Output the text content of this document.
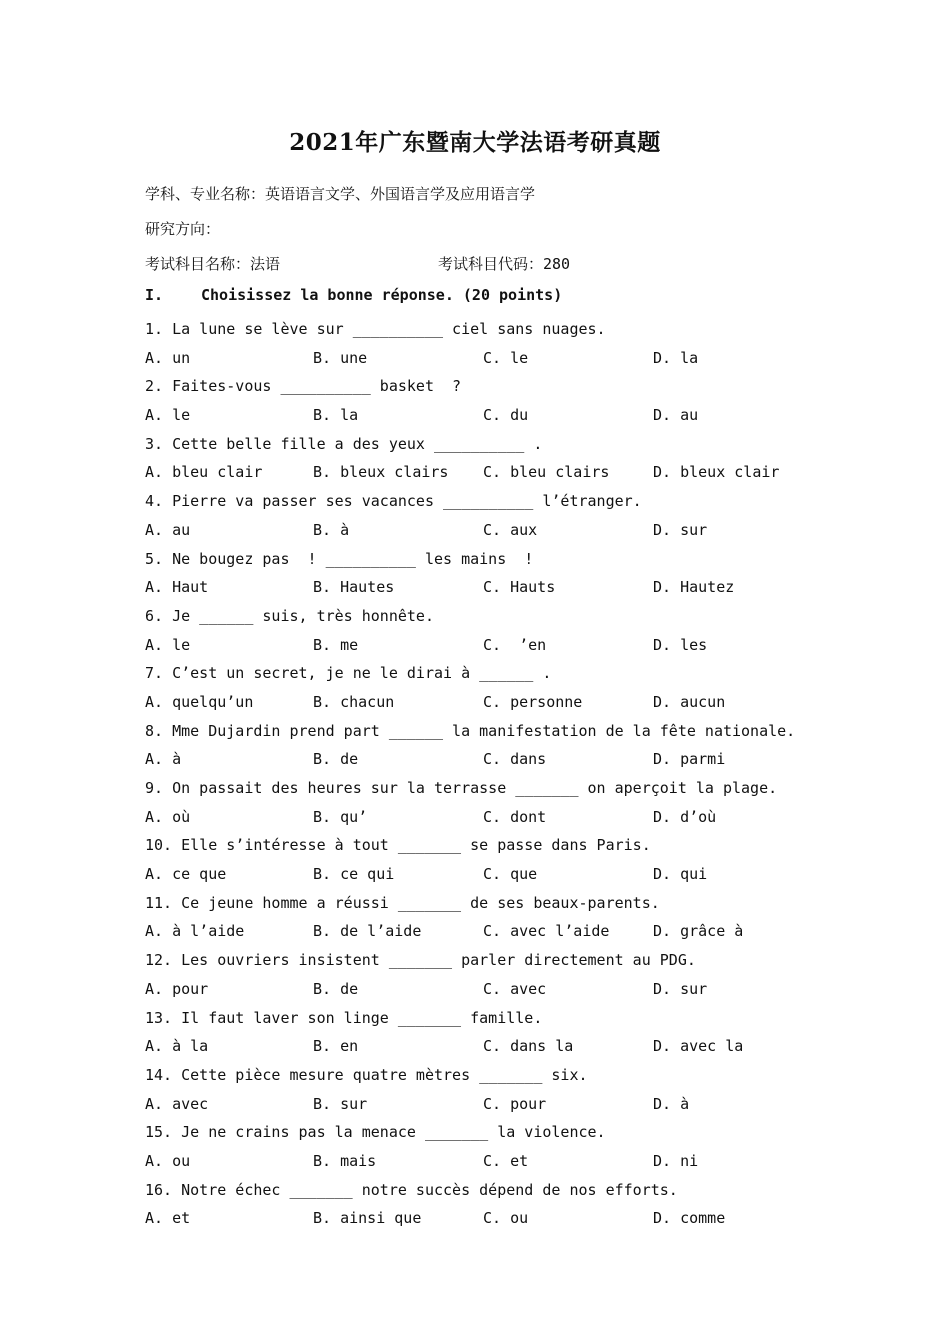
2021年广东暨南大学法语考研真题
学科、专业名称：英语语言文学、外国语言学及应用语言学
研究方向：
考试科目名称：法语	考试科目代码：280
I.	Choisissez la bonne réponse. (20 points)
1. La lune se lève sur __________ ciel sans nuages.
A. un	B. une	C. le	D. la
2. Faites-vous __________ basket  ?
A. le	B. la	C. du	D. au
3. Cette belle fille a des yeux __________ .
A. bleu clair	B. bleux clairs C. bleu clairs	D. bleux clair
4. Pierre va passer ses vacances __________ l’étranger.
A. au	B. à	C. aux	D. sur
5. Ne bougez pas  ! __________ les mains  !
A. Haut	B. Hautes	C. Hauts	D. Hautez
6. Je ______ suis, très honnête.
A. le	B. me	C.  ’en	D. les
7. C’est un secret, je ne le dirai à ______ .
A. quelqu’un	B. chacun	C. personne	D. aucun
8. Mme Dujardin prend part ______ la manifestation de la fête nationale.
A. à	B. de	C. dans	D. parmi
9. On passait des heures sur la terrasse _______ on aperçoit la plage.
A. où	B. qu’	C. dont	D. d’où
10. Elle s’intéresse à tout _______ se passe dans Paris.
A. ce que	B. ce qui	C. que	D. qui
11. Ce jeune homme a réussi _______ de ses beaux-parents.
A. à l’aide	B. de l’aide	C. avec l’aide	D. grâce à
12. Les ouvriers insistent _______ parler directement au PDG.
A. pour	B. de	C. avec	D. sur
13. Il faut laver son linge _______ famille.
A. à la	B. en	C. dans la	D. avec la
14. Cette pièce mesure quatre mètres _______ six.
A. avec	B. sur	C. pour	D. à
15. Je ne crains pas la menace _______ la violence.
A. ou	B. mais	C. et	D. ni
16. Notre échec _______ notre succès dépend de nos efforts.
A. et	B. ainsi que	C. ou	D. comme
